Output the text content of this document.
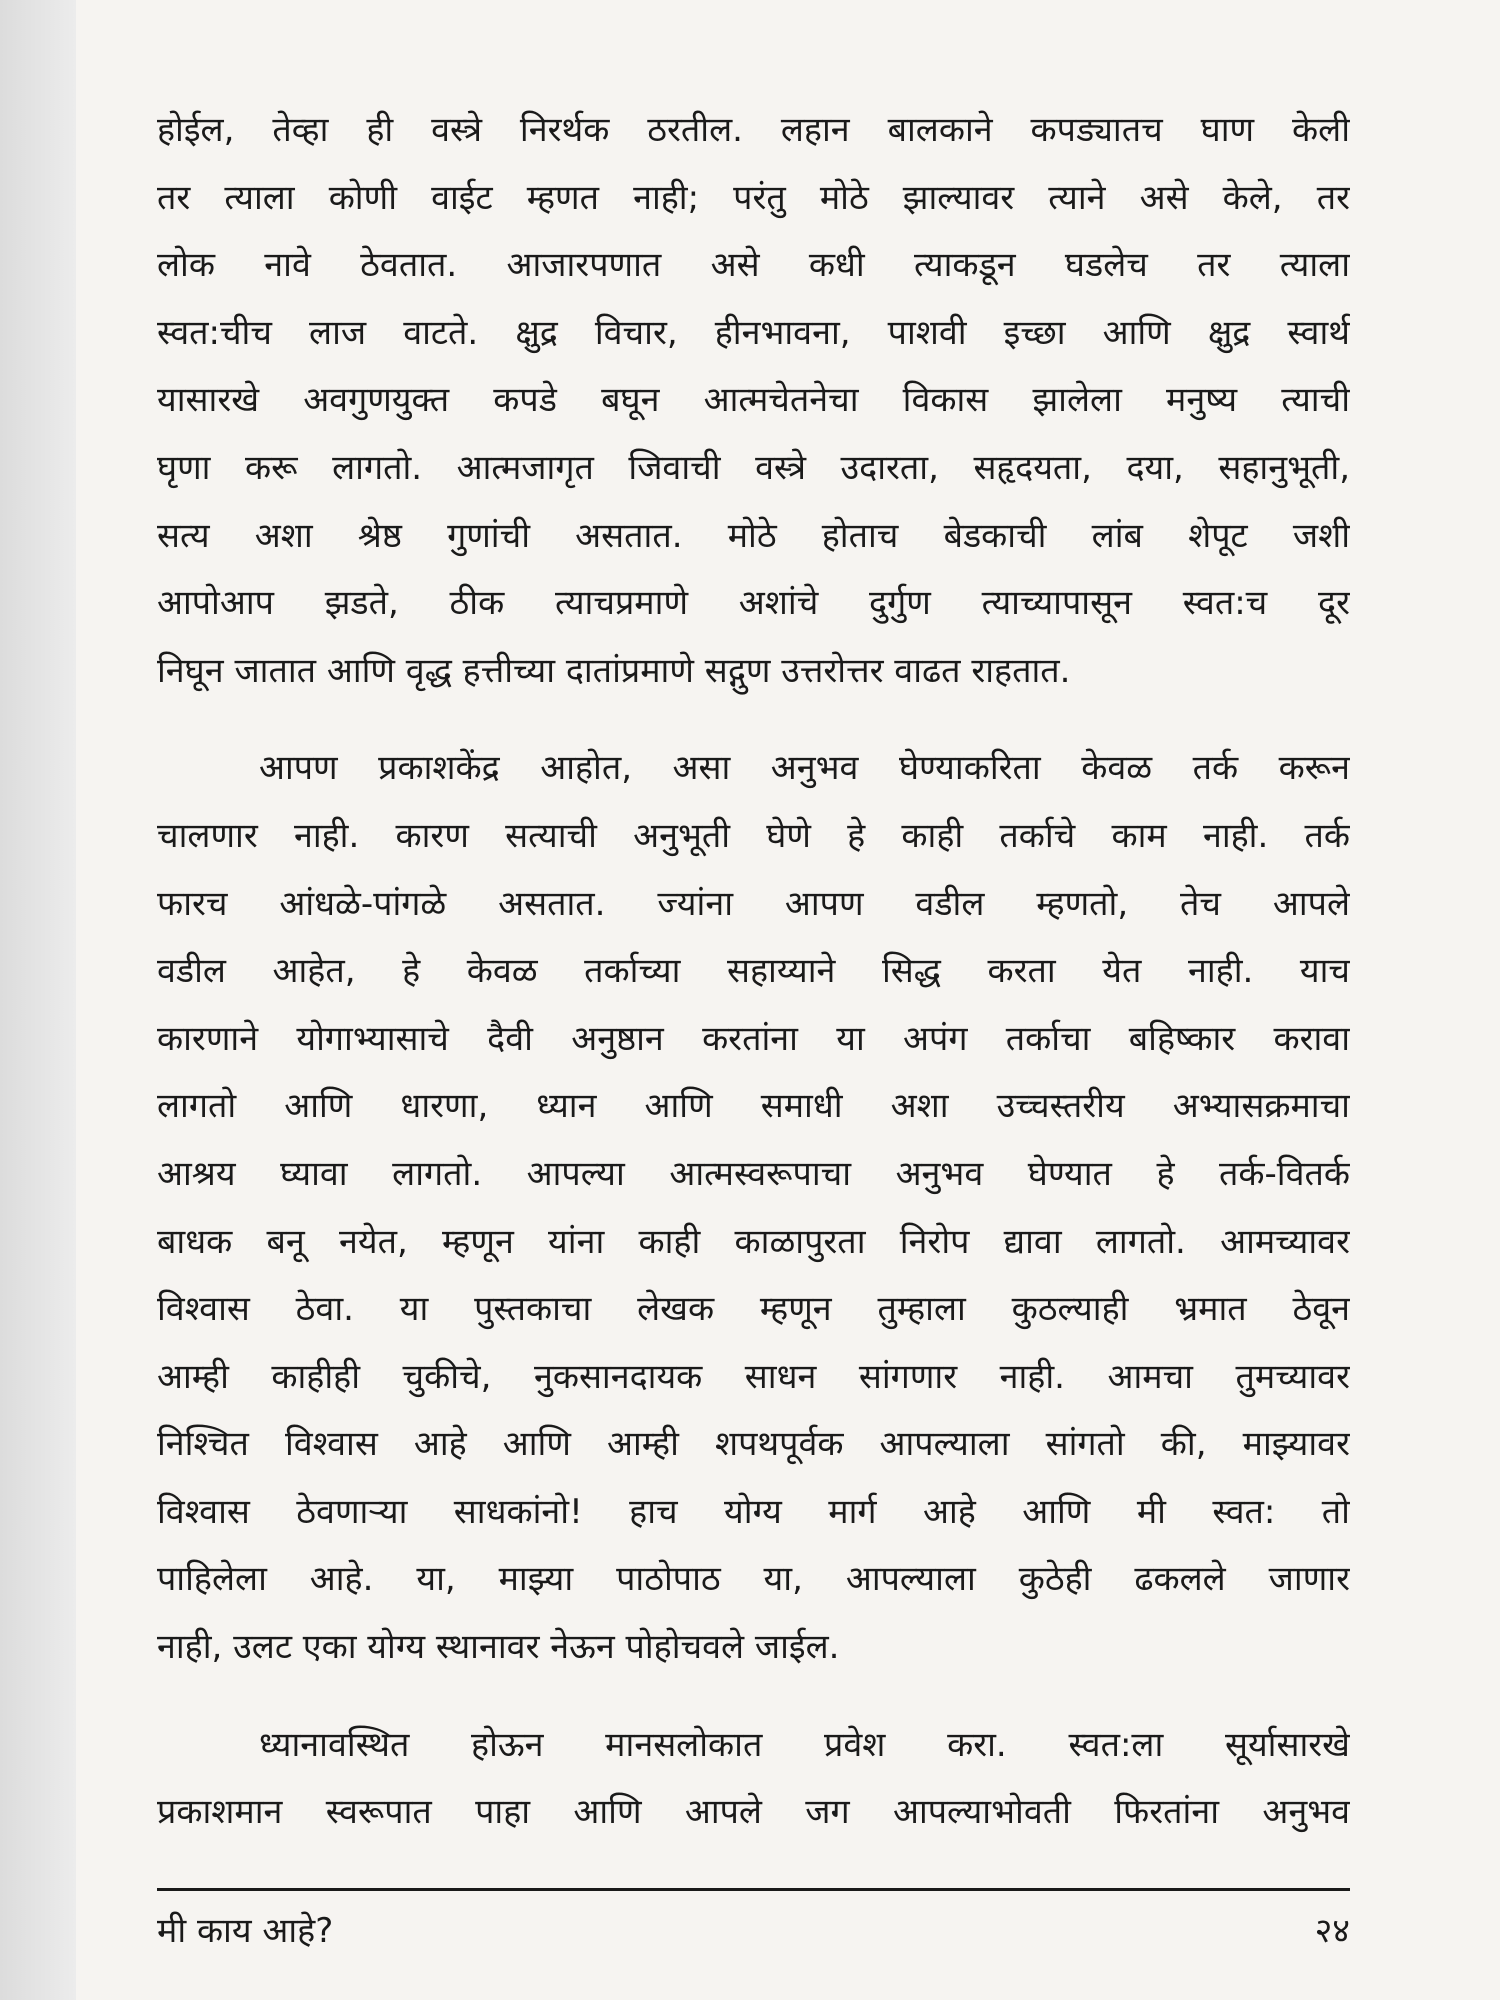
होईल, तेव्हा ही वस्त्रे निरर्थक ठरतील. लहान बालकाने कपड्यातच घाण केली
तर त्याला कोणी वाईट म्हणत नाही; परंतु मोठे झाल्यावर त्याने असे केले, तर
लोक नावे ठेवतात. आजारपणात असे कधी त्याकडून घडलेच तर त्याला
स्वत:चीच लाज वाटते. क्षुद्र विचार, हीनभावना, पाशवी इच्छा आणि क्षुद्र स्वार्थ
यासारखे अवगुणयुक्त कपडे बघून आत्मचेतनेचा विकास झालेला मनुष्य त्याची
घृणा करू लागतो. आत्मजागृत जिवाची वस्त्रे उदारता, सहृदयता, दया, सहानुभूती,
सत्य अशा श्रेष्ठ गुणांची असतात. मोठे होताच बेडकाची लांब शेपूट जशी
आपोआप झडते, ठीक त्याचप्रमाणे अशांचे दुर्गुण त्याच्यापासून स्वत:च दूर
निघून जातात आणि वृद्ध हत्तीच्या दातांप्रमाणे सद्गुण उत्तरोत्तर वाढत राहतात.
आपण प्रकाशकेंद्र आहोत, असा अनुभव घेण्याकरिता केवळ तर्क करून
चालणार नाही. कारण सत्याची अनुभूती घेणे हे काही तर्काचे काम नाही. तर्क
फारच आंधळे-पांगळे असतात. ज्यांना आपण वडील म्हणतो, तेच आपले
वडील आहेत, हे केवळ तर्काच्या सहाय्याने सिद्ध करता येत नाही. याच
कारणाने योगाभ्यासाचे दैवी अनुष्ठान करतांना या अपंग तर्काचा बहिष्कार करावा
लागतो आणि धारणा, ध्यान आणि समाधी अशा उच्चस्तरीय अभ्यासक्रमाचा
आश्रय घ्यावा लागतो. आपल्या आत्मस्वरूपाचा अनुभव घेण्यात हे तर्क-वितर्क
बाधक बनू नयेत, म्हणून यांना काही काळापुरता निरोप द्यावा लागतो. आमच्यावर
विश्वास ठेवा. या पुस्तकाचा लेखक म्हणून तुम्हाला कुठल्याही भ्रमात ठेवून
आम्ही काहीही चुकीचे, नुकसानदायक साधन सांगणार नाही. आमचा तुमच्यावर
निश्चित विश्वास आहे आणि आम्ही शपथपूर्वक आपल्याला सांगतो की, माझ्यावर
विश्वास ठेवणाऱ्या साधकांनो! हाच योग्य मार्ग आहे आणि मी स्वत: तो
पाहिलेला आहे. या, माझ्या पाठोपाठ या, आपल्याला कुठेही ढकलले जाणार
नाही, उलट एका योग्य स्थानावर नेऊन पोहोचवले जाईल.
ध्यानावस्थित होऊन मानसलोकात प्रवेश करा. स्वत:ला सूर्यासारखे
प्रकाशमान स्वरूपात पाहा आणि आपले जग आपल्याभोवती फिरतांना अनुभव
मी काय आहे?	२४
